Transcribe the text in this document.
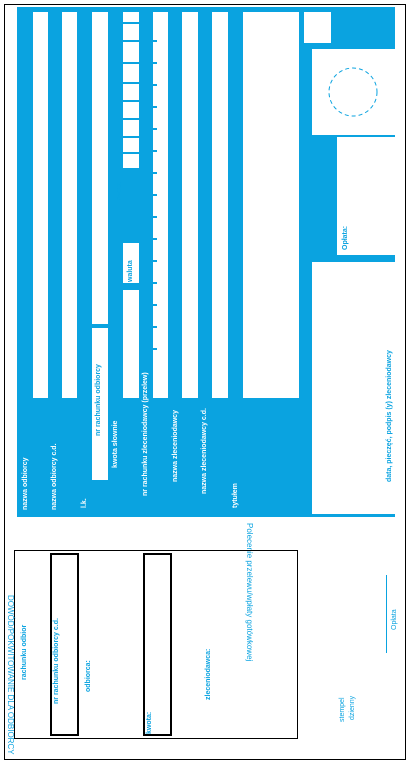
nazwa odbiorcy	nazwa odbiorcy c.d.	l.k.
nr rachunku odbiorcy
waluta
kwota:
kwota słownie	nr rachunku zleceniodawcy (przelew)	nazwa zleceniodawcy	nazwa zleceniodawcy c.d.
tytułem
Opłata:
data, pieczęć, podpis (y) zleceniodawcy
Polecenie przelewu/wpłaty gotówkowej
rachunku odbior	nr rachunku odbiorcy c.d.	odbiorca:
kwota:
zleceniodawca:
stempel dzienny
Opłata
DOWÓD/POKWITOWANIE DLA ODBIORCY
